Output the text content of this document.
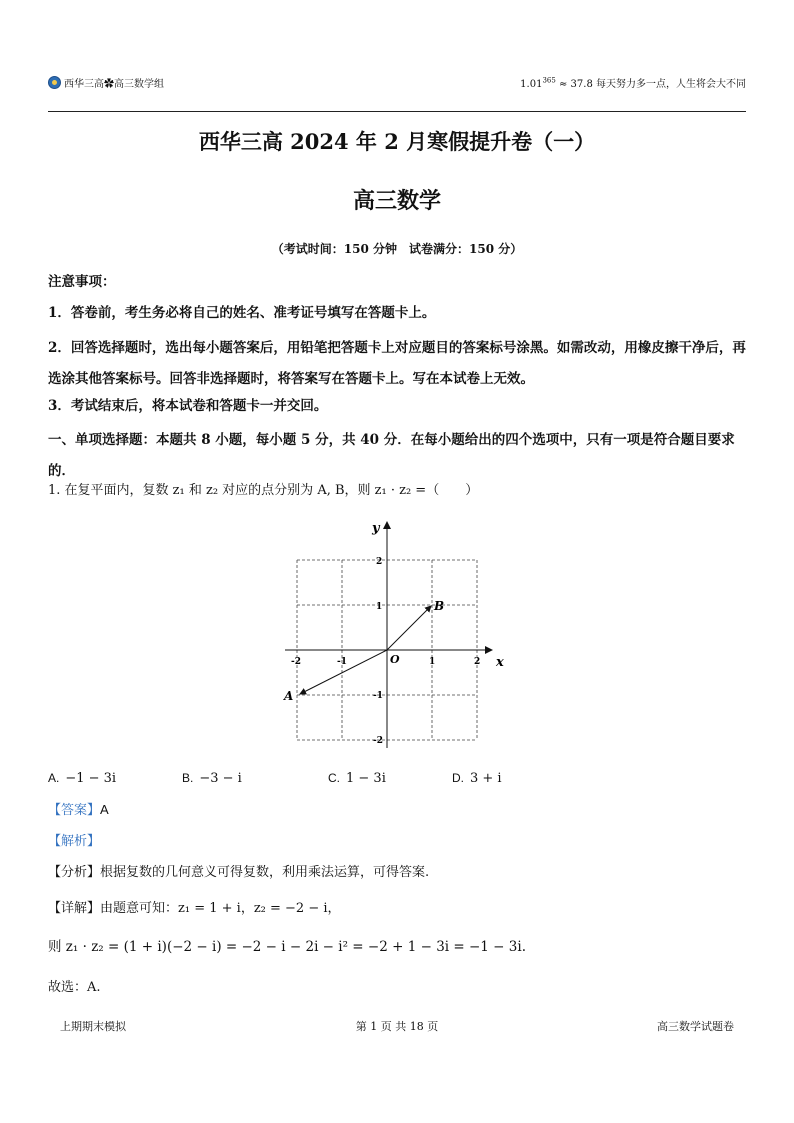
西华三高✿高三数学组	$1.01^{365} \approx 37.8$ 每天努力多一点，人生将会大不同
西华三高 2024 年 2 月寒假提升卷（一）
高三数学
（考试时间：150 分钟　试卷满分：150 分）
注意事项：
1．答卷前，考生务必将自己的姓名、准考证号填写在答题卡上。
2．回答选择题时，选出每小题答案后，用铅笔把答题卡上对应题目的答案标号涂黑。如需改动，用橡皮擦干净后，再选涂其他答案标号。回答非选择题时，将答案写在答题卡上。写在本试卷上无效。
3．考试结束后，将本试卷和答题卡一并交回。
一、单项选择题：本题共 8 小题，每小题 5 分，共 40 分．在每小题给出的四个选项中，只有一项是符合题目要求的．
1. 在复平面内，复数 z₁ 和 z₂ 对应的点分别为 A, B，则 z₁ · z₂ =（　　）
x
y
O
-2	-1	1	2
2
1
-1
-2
A
B
A. −1 − 3i	B. −3 − i	C. 1 − 3i	D. 3 + i
【答案】A
【解析】
【分析】根据复数的几何意义可得复数，利用乘法运算，可得答案.
【详解】由题意可知：z₁ = 1 + i，z₂ = −2 − i，
则 z₁ · z₂ = (1 + i)(−2 − i) = −2 − i − 2i − i² = −2 + 1 − 3i = −1 − 3i.
故选：A.
上期期末模拟	第 1 页 共 18 页	高三数学试题卷
